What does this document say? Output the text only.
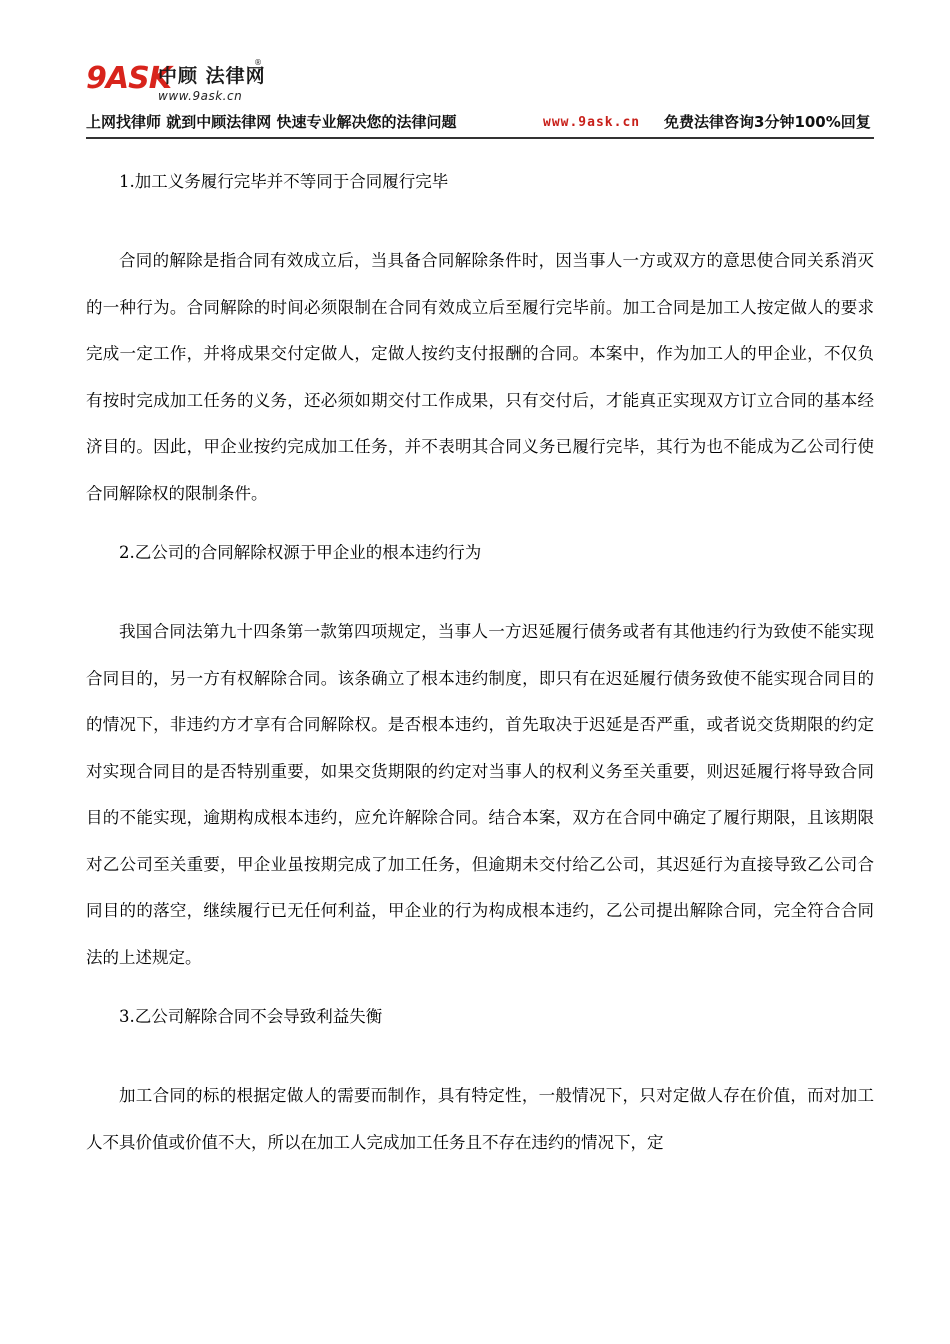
9ASK
中顾 法律网
®
www.9ask.cn
上网找律师 就到中顾法律网 快速专业解决您的法律问题	www.9ask.cn 免费法律咨询3分钟100%回复

1.加工义务履行完毕并不等同于合同履行完毕

合同的解除是指合同有效成立后，当具备合同解除条件时，因当事人一方或双方的意思使合同关系消灭的一种行为。合同解除的时间必须限制在合同有效成立后至履行完毕前。加工合同是加工人按定做人的要求完成一定工作，并将成果交付定做人，定做人按约支付报酬的合同。本案中，作为加工人的甲企业，不仅负有按时完成加工任务的义务，还必须如期交付工作成果，只有交付后，才能真正实现双方订立合同的基本经济目的。因此，甲企业按约完成加工任务，并不表明其合同义务已履行完毕，其行为也不能成为乙公司行使合同解除权的限制条件。

2.乙公司的合同解除权源于甲企业的根本违约行为

我国合同法第九十四条第一款第四项规定，当事人一方迟延履行债务或者有其他违约行为致使不能实现合同目的，另一方有权解除合同。该条确立了根本违约制度，即只有在迟延履行债务致使不能实现合同目的的情况下，非违约方才享有合同解除权。是否根本违约，首先取决于迟延是否严重，或者说交货期限的约定对实现合同目的是否特别重要，如果交货期限的约定对当事人的权利义务至关重要，则迟延履行将导致合同目的不能实现，逾期构成根本违约，应允许解除合同。结合本案，双方在合同中确定了履行期限，且该期限对乙公司至关重要，甲企业虽按期完成了加工任务，但逾期未交付给乙公司，其迟延行为直接导致乙公司合同目的的落空，继续履行已无任何利益，甲企业的行为构成根本违约，乙公司提出解除合同，完全符合合同法的上述规定。

3.乙公司解除合同不会导致利益失衡

加工合同的标的根据定做人的需要而制作，具有特定性，一般情况下，只对定做人存在价值，而对加工人不具价值或价值不大，所以在加工人完成加工任务且不存在违约的情况下，定
